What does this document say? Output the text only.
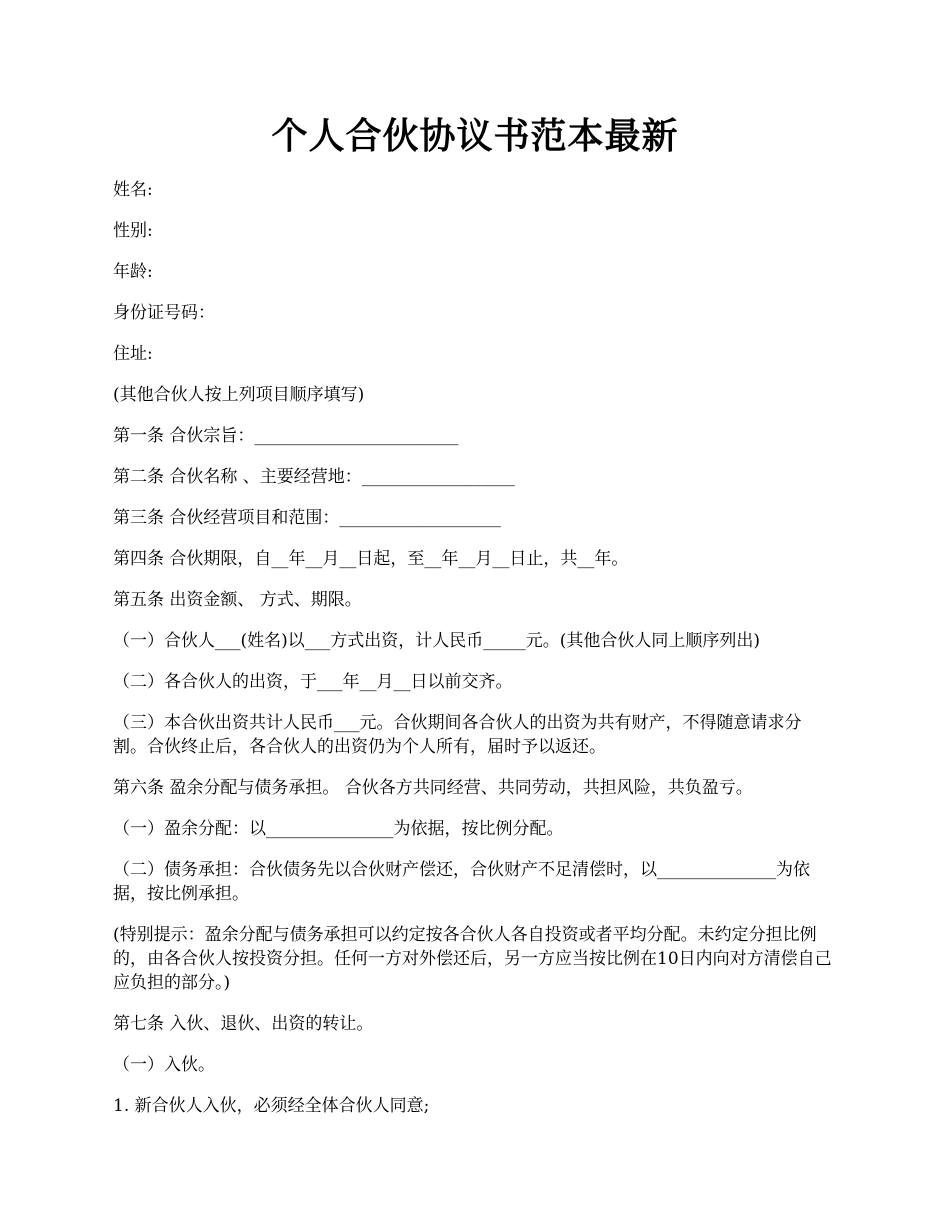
个人合伙协议书范本最新

姓名:

性别:

年龄:

身份证号码：

住址:

(其他合伙人按上列项目顺序填写)

第一条 合伙宗旨：________________________

第二条 合伙名称 、主要经营地：__________________

第三条 合伙经营项目和范围：___________________

第四条 合伙期限，自__年__月__日起，至__年__月__日止，共__年。

第五条 出资金额、 方式、期限。

（一）合伙人___(姓名)以___方式出资，计人民币_____元。(其他合伙人同上顺序列出)

（二）各合伙人的出资，于___年__月__日以前交齐。

（三）本合伙出资共计人民币___元。合伙期间各合伙人的出资为共有财产，不得随意请求分割。合伙终止后，各合伙人的出资仍为个人所有，届时予以返还。

第六条 盈余分配与债务承担。 合伙各方共同经营、共同劳动，共担风险，共负盈亏。

（一）盈余分配：以_______________为依据，按比例分配。

（二）债务承担：合伙债务先以合伙财产偿还，合伙财产不足清偿时，以______________为依据，按比例承担。

(特别提示：盈余分配与债务承担可以约定按各合伙人各自投资或者平均分配。未约定分担比例的，由各合伙人按投资分担。任何一方对外偿还后，另一方应当按比例在10日内向对方清偿自己应负担的部分。)

第七条 入伙、退伙、出资的转让。

（一）入伙。

1. 新合伙人入伙，必须经全体合伙人同意;
